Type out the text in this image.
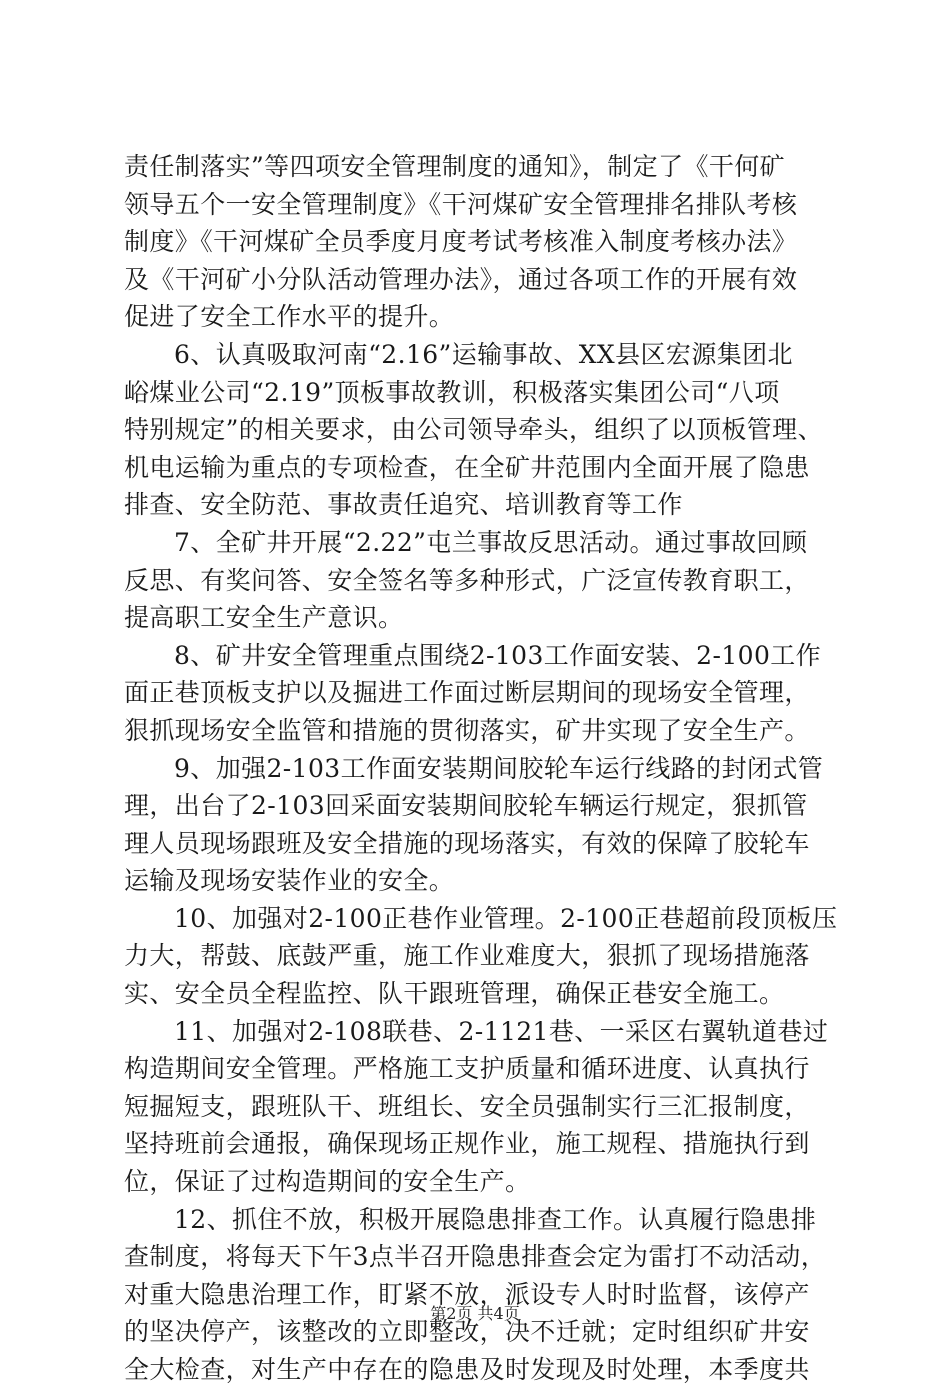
责任制落实”等四项安全管理制度的通知》，制定了《干何矿
领导五个一安全管理制度》《干河煤矿安全管理排名排队考核
制度》《干河煤矿全员季度月度考试考核准入制度考核办法》
及《干河矿小分队活动管理办法》，通过各项工作的开展有效
促进了安全工作水平的提升。
6、认真吸取河南“2.16”运输事故、XX县区宏源集团北
峪煤业公司“2.19”顶板事故教训，积极落实集团公司“八项
特别规定”的相关要求，由公司领导牵头，组织了以顶板管理、
机电运输为重点的专项检查，在全矿井范围内全面开展了隐患
排查、安全防范、事故责任追究、培训教育等工作
7、全矿井开展“2.22”屯兰事故反思活动。通过事故回顾
反思、有奖问答、安全签名等多种形式，广泛宣传教育职工，
提高职工安全生产意识。
8、矿井安全管理重点围绕2-103工作面安装、2-100工作
面正巷顶板支护以及掘进工作面过断层期间的现场安全管理，
狠抓现场安全监管和措施的贯彻落实，矿井实现了安全生产。
9、加强2-103工作面安装期间胶轮车运行线路的封闭式管
理，出台了2-103回采面安装期间胶轮车辆运行规定，狠抓管
理人员现场跟班及安全措施的现场落实，有效的保障了胶轮车
运输及现场安装作业的安全。
10、加强对2-100正巷作业管理。2-100正巷超前段顶板压
力大，帮鼓、底鼓严重，施工作业难度大，狠抓了现场措施落
实、安全员全程监控、队干跟班管理，确保正巷安全施工。
11、加强对2-108联巷、2-1121巷、一采区右翼轨道巷过
构造期间安全管理。严格施工支护质量和循环进度、认真执行
短掘短支，跟班队干、班组长、安全员强制实行三汇报制度，
坚持班前会通报，确保现场正规作业，施工规程、措施执行到
位，保证了过构造期间的安全生产。
12、抓住不放，积极开展隐患排查工作。认真履行隐患排
查制度，将每天下午3点半召开隐患排查会定为雷打不动活动，
对重大隐患治理工作，盯紧不放，派设专人时时监督，该停产
的坚决停产，该整改的立即整改，决不迁就；定时组织矿井安
全大检查，对生产中存在的隐患及时发现及时处理，本季度共
第2页 共4页
